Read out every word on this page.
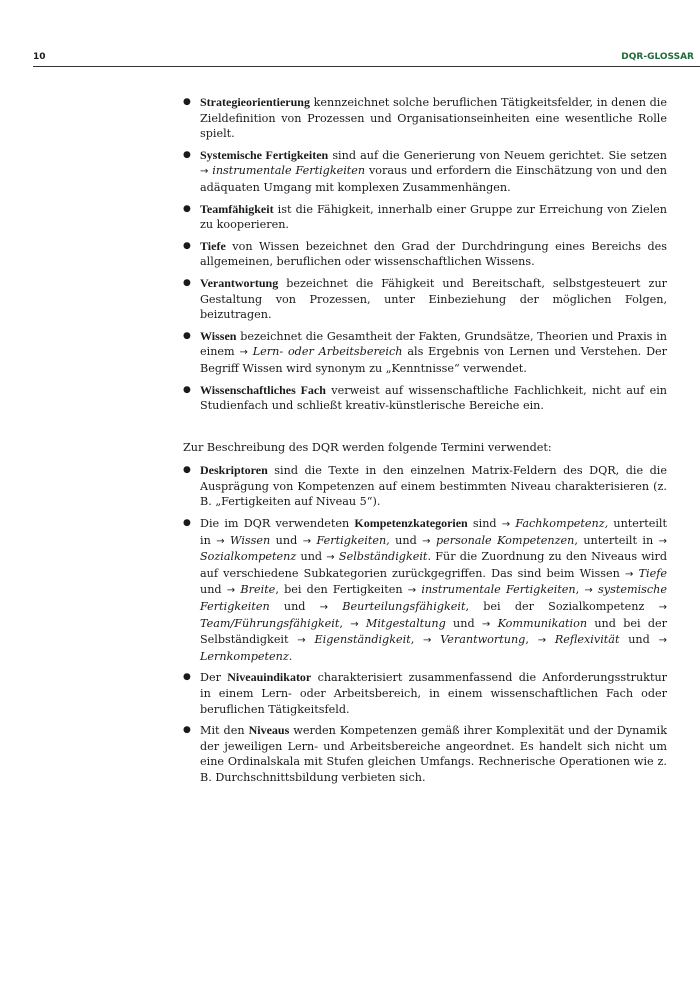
10	DQR-GLOSSAR
● Strategieorientierung kennzeichnet solche beruflichen Tätigkeitsfelder, in denen die Zieldefinition von Prozessen und Organisationseinheiten eine wesentliche Rolle spielt.
● Systemische Fertigkeiten sind auf die Generierung von Neuem gerichtet. Sie setzen → instrumentale Fertigkeiten voraus und erfordern die Einschätzung von und den adäquaten Umgang mit komplexen Zusammenhängen.
● Teamfähigkeit ist die Fähigkeit, innerhalb einer Gruppe zur Erreichung von Zielen zu kooperieren.
● Tiefe von Wissen bezeichnet den Grad der Durchdringung eines Bereichs des allgemeinen, beruflichen oder wissenschaftlichen Wissens.
● Verantwortung bezeichnet die Fähigkeit und Bereitschaft, selbstgesteuert zur Gestaltung von Prozessen, unter Einbeziehung der möglichen Folgen, beizutragen.
● Wissen bezeichnet die Gesamtheit der Fakten, Grundsätze, Theorien und Praxis in einem → Lern- oder Arbeitsbereich als Ergebnis von Lernen und Verstehen. Der Begriff Wissen wird synonym zu „Kenntnisse“ verwendet.
● Wissenschaftliches Fach verweist auf wissenschaftliche Fachlichkeit, nicht auf ein Studienfach und schließt kreativ-künstlerische Bereiche ein.

Zur Beschreibung des DQR werden folgende Termini verwendet:

● Deskriptoren sind die Texte in den einzelnen Matrix-Feldern des DQR, die die Ausprägung von Kompetenzen auf einem bestimmten Niveau charakterisieren (z. B. „Fertigkeiten auf Niveau 5“).
● Die im DQR verwendeten Kompetenzkategorien sind → Fachkompetenz, unterteilt in → Wissen und → Fertigkeiten, und → personale Kompetenzen, unterteilt in → Sozialkompetenz und → Selbständigkeit. Für die Zuordnung zu den Niveaus wird auf verschiedene Subkategorien zurückgegriffen. Das sind beim Wissen → Tiefe und → Breite, bei den Fertigkeiten → instrumentale Fertigkeiten, → systemische Fertigkeiten und → Beurteilungsfähigkeit, bei der Sozialkompetenz → Team/Führungsfähigkeit, → Mitgestaltung und → Kommunikation und bei der Selbständigkeit → Eigenständigkeit, → Verantwortung, → Reflexivität und → Lernkompetenz.
● Der Niveauindikator charakterisiert zusammenfassend die Anforderungsstruktur in einem Lern- oder Arbeitsbereich, in einem wissenschaftlichen Fach oder beruflichen Tätigkeitsfeld.
● Mit den Niveaus werden Kompetenzen gemäß ihrer Komplexität und der Dynamik der jeweiligen Lern- und Arbeitsbereiche angeordnet. Es handelt sich nicht um eine Ordinalskala mit Stufen gleichen Umfangs. Rechnerische Operationen wie z. B. Durchschnittsbildung verbieten sich.
